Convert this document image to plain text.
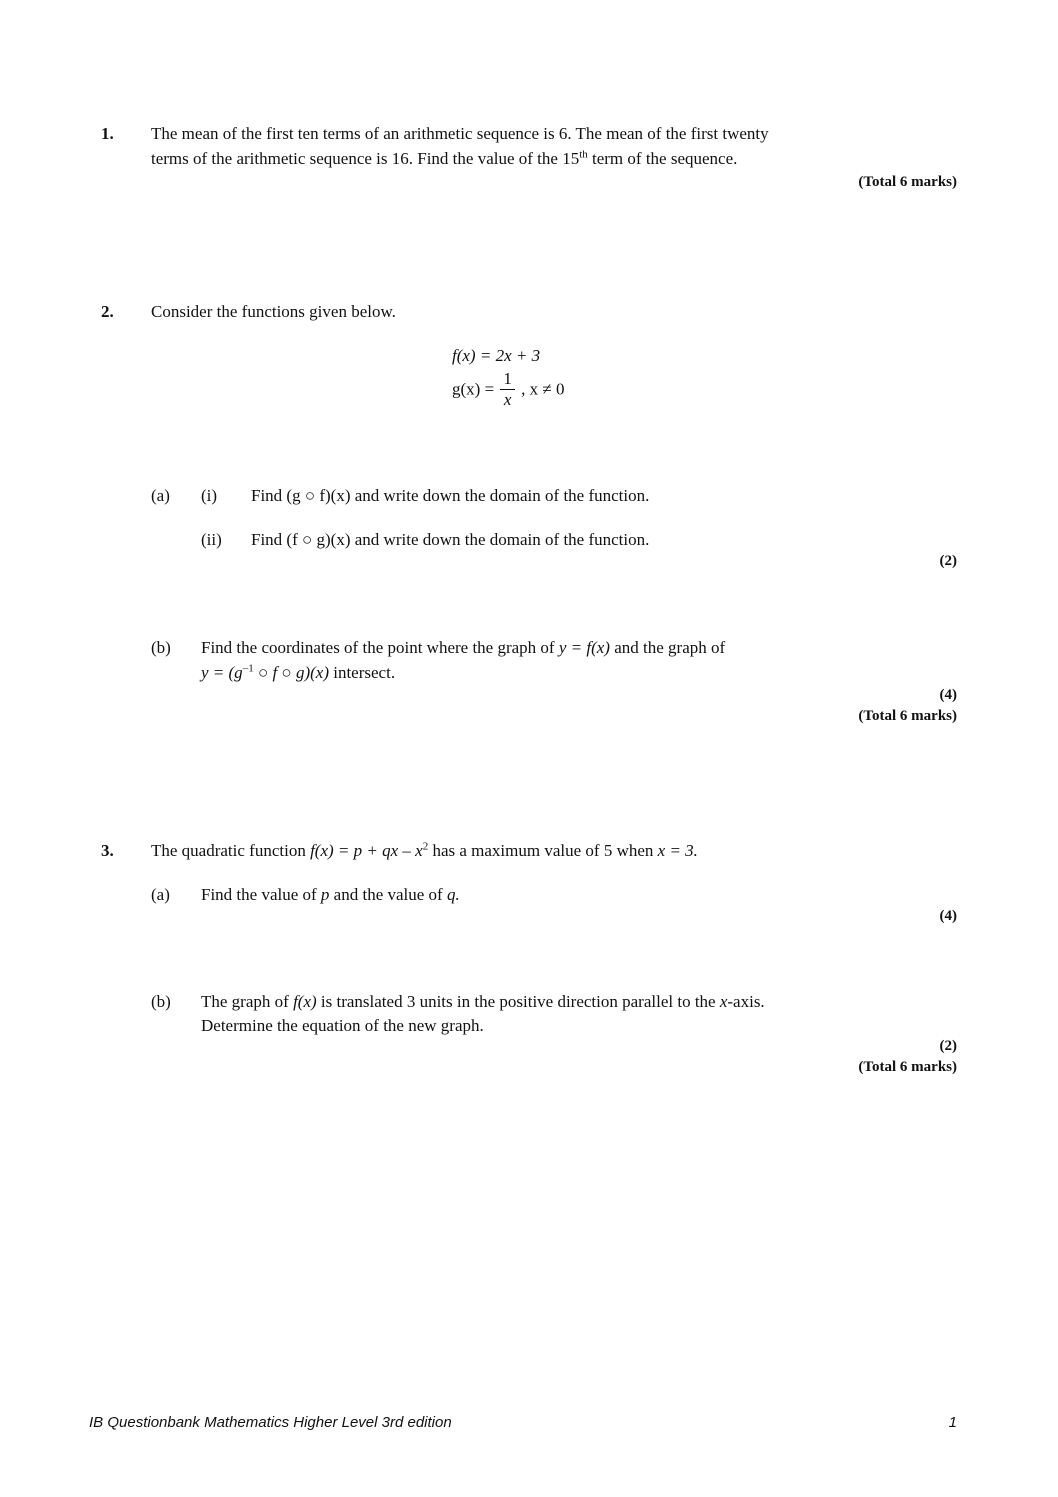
1. The mean of the first ten terms of an arithmetic sequence is 6. The mean of the first twenty
terms of the arithmetic sequence is 16. Find the value of the 15th term of the sequence.
(Total 6 marks)
2. Consider the functions given below.
f(x) = 2x + 3
$g(x) = \frac{1}{x}$ , x ≠ 0
(a) (i) Find (g ○ f)(x) and write down the domain of the function.
(ii) Find (f ○ g)(x) and write down the domain of the function.
(2)
(b) Find the coordinates of the point where the graph of y = f(x) and the graph of
$y = (g^{-1}$ ○ f ○ g)(x) intersect.
(4)
(Total 6 marks)
3. The quadratic function f(x) = p + qx – $x^2$ has a maximum value of 5 when x = 3.
(a) Find the value of p and the value of q.
(4)
(b) The graph of f(x) is translated 3 units in the positive direction parallel to the x-axis.
Determine the equation of the new graph.
(2)
(Total 6 marks)
IB Questionbank Mathematics Higher Level 3rd edition	1
